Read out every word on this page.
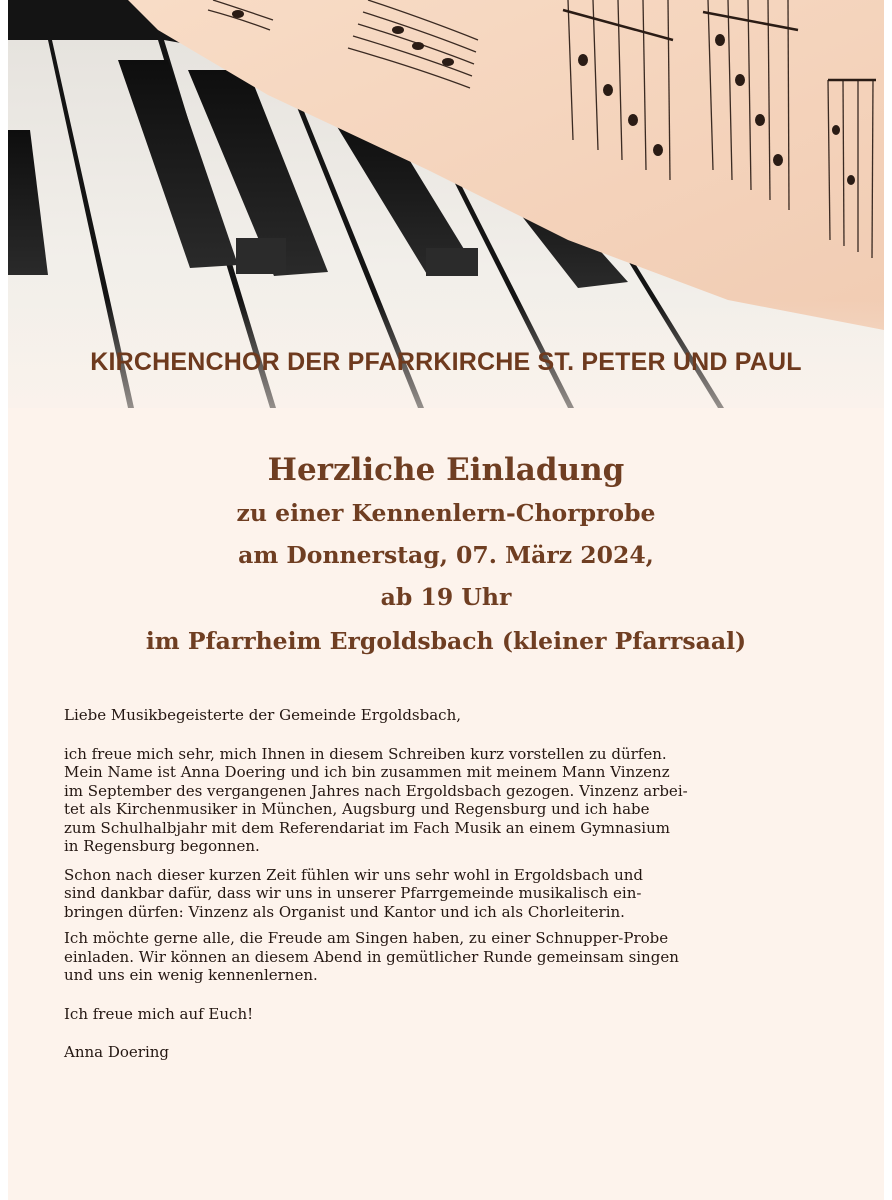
KIRCHENCHOR DER PFARRKIRCHE ST. PETER UND PAUL
Herzliche Einladung
zu einer Kennenlern-Chorprobe
am Donnerstag, 07. März 2024,
ab 19 Uhr
im Pfarrheim Ergoldsbach (kleiner Pfarrsaal)

Liebe Musikbegeisterte der Gemeinde Ergoldsbach,

ich freue mich sehr, mich Ihnen in diesem Schreiben kurz vorstellen zu dürfen.

Mein Name ist Anna Doering und ich bin zusammen mit meinem Mann Vinzenz

im September des vergangenen Jahres nach Ergoldsbach gezogen. Vinzenz arbei-

tet als Kirchenmusiker in München, Augsburg und Regensburg und ich habe

zum Schulhalbjahr mit dem Referendariat im Fach Musik an einem Gymnasium

in Regensburg begonnen.

Schon nach dieser kurzen Zeit fühlen wir uns sehr wohl in Ergoldsbach und

sind dankbar dafür, dass wir uns in unserer Pfarrgemeinde musikalisch ein-

bringen dürfen: Vinzenz als Organist und Kantor und ich als Chorleiterin.

Ich möchte gerne alle, die Freude am Singen haben, zu einer Schnupper-Probe

einladen. Wir können an diesem Abend in gemütlicher Runde gemeinsam singen

und uns ein wenig kennenlernen.

Ich freue mich auf Euch!

Anna Doering
